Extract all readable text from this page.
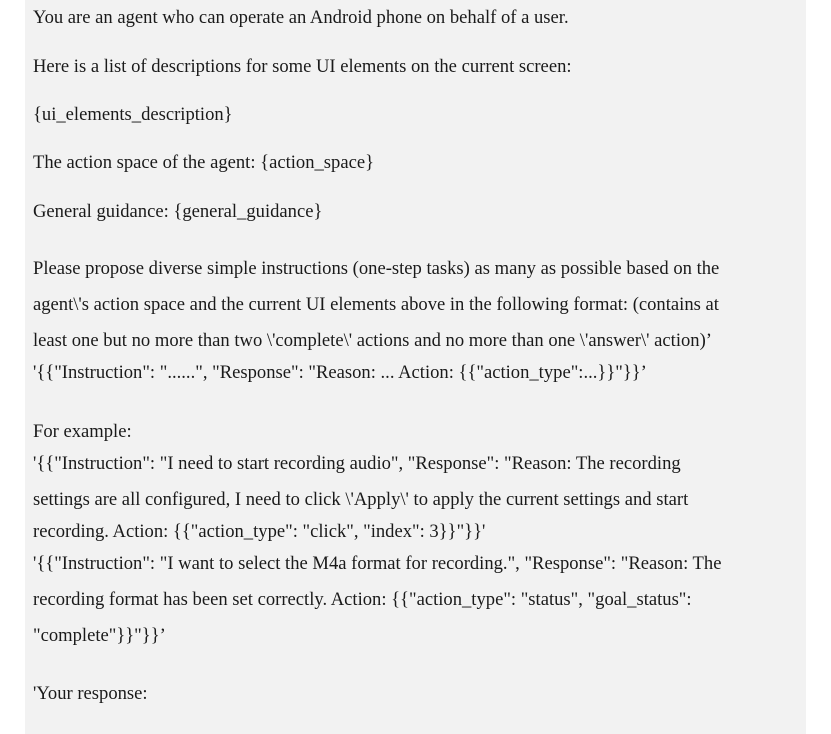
You are an agent who can operate an Android phone on behalf of a user.

Here is a list of descriptions for some UI elements on the current screen:

{ui_elements_description}

The action space of the agent: {action_space}

General guidance: {general_guidance}

Please propose diverse simple instructions (one-step tasks) as many as possible based on the
agent\'s action space and the current UI elements above in the following format: (contains at
least one but no more than two \'complete\' actions and no more than one \'answer\' action)’
'{{"Instruction": "......", "Response": "Reason: ... Action: {{"action_type":...}}"}}’

For example:

'{{"Instruction": "I need to start recording audio", "Response": "Reason: The recording
settings are all configured, I need to click \'Apply\' to apply the current settings and start
recording. Action: {{"action_type": "click", "index": 3}}"}}'
'{{"Instruction": "I want to select the M4a format for recording.", "Response": "Reason: The
recording format has been set correctly. Action: {{"action_type": "status", "goal_status":
"complete"}}"}}’

'Your response:
